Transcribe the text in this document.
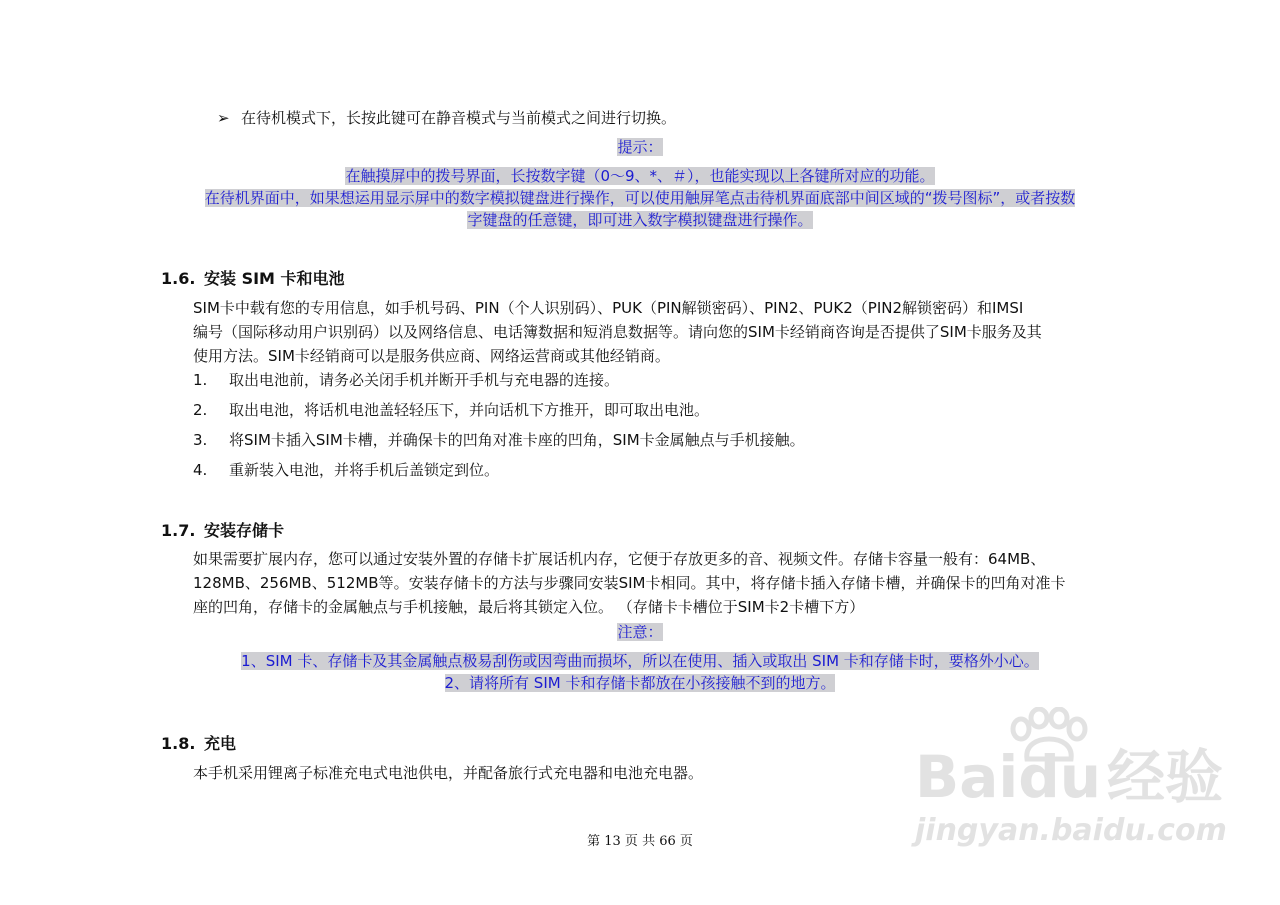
➢ 在待机模式下，长按此键可在静音模式与当前模式之间进行切换。
提示：
在触摸屏中的拨号界面，长按数字键（0～9、*、＃），也能实现以上各键所对应的功能。
在待机界面中，如果想运用显示屏中的数字模拟键盘进行操作，可以使用触屏笔点击待机界面底部中间区域的“拨号图标”，或者按数
字键盘的任意键，即可进入数字模拟键盘进行操作。
1.6. 安装 SIM 卡和电池
SIM卡中载有您的专用信息，如手机号码、PIN（个人识别码）、PUK（PIN解锁密码）、PIN2、PUK2（PIN2解锁密码）和IMSI
编号（国际移动用户识别码）以及网络信息、电话簿数据和短消息数据等。请向您的SIM卡经销商咨询是否提供了SIM卡服务及其
使用方法。SIM卡经销商可以是服务供应商、网络运营商或其他经销商。
1. 取出电池前，请务必关闭手机并断开手机与充电器的连接。
2. 取出电池，将话机电池盖轻轻压下，并向话机下方推开，即可取出电池。
3. 将SIM卡插入SIM卡槽，并确保卡的凹角对准卡座的凹角，SIM卡金属触点与手机接触。
4. 重新装入电池，并将手机后盖锁定到位。
1.7. 安装存储卡
如果需要扩展内存，您可以通过安装外置的存储卡扩展话机内存，它便于存放更多的音、视频文件。存储卡容量一般有：64MB、
128MB、256MB、512MB等。安装存储卡的方法与步骤同安装SIM卡相同。其中，将存储卡插入存储卡槽，并确保卡的凹角对准卡
座的凹角，存储卡的金属触点与手机接触，最后将其锁定入位。 （存储卡卡槽位于SIM卡2卡槽下方）
注意：
1、SIM 卡、存储卡及其金属触点极易刮伤或因弯曲而损坏，所以在使用、插入或取出 SIM 卡和存储卡时，要格外小心。
2、请将所有 SIM 卡和存储卡都放在小孩接触不到的地方。
1.8. 充电
本手机采用锂离子标准充电式电池供电，并配备旅行式充电器和电池充电器。
第 13 页 共 66 页
Baidu 经验
jingyan.baidu.com
